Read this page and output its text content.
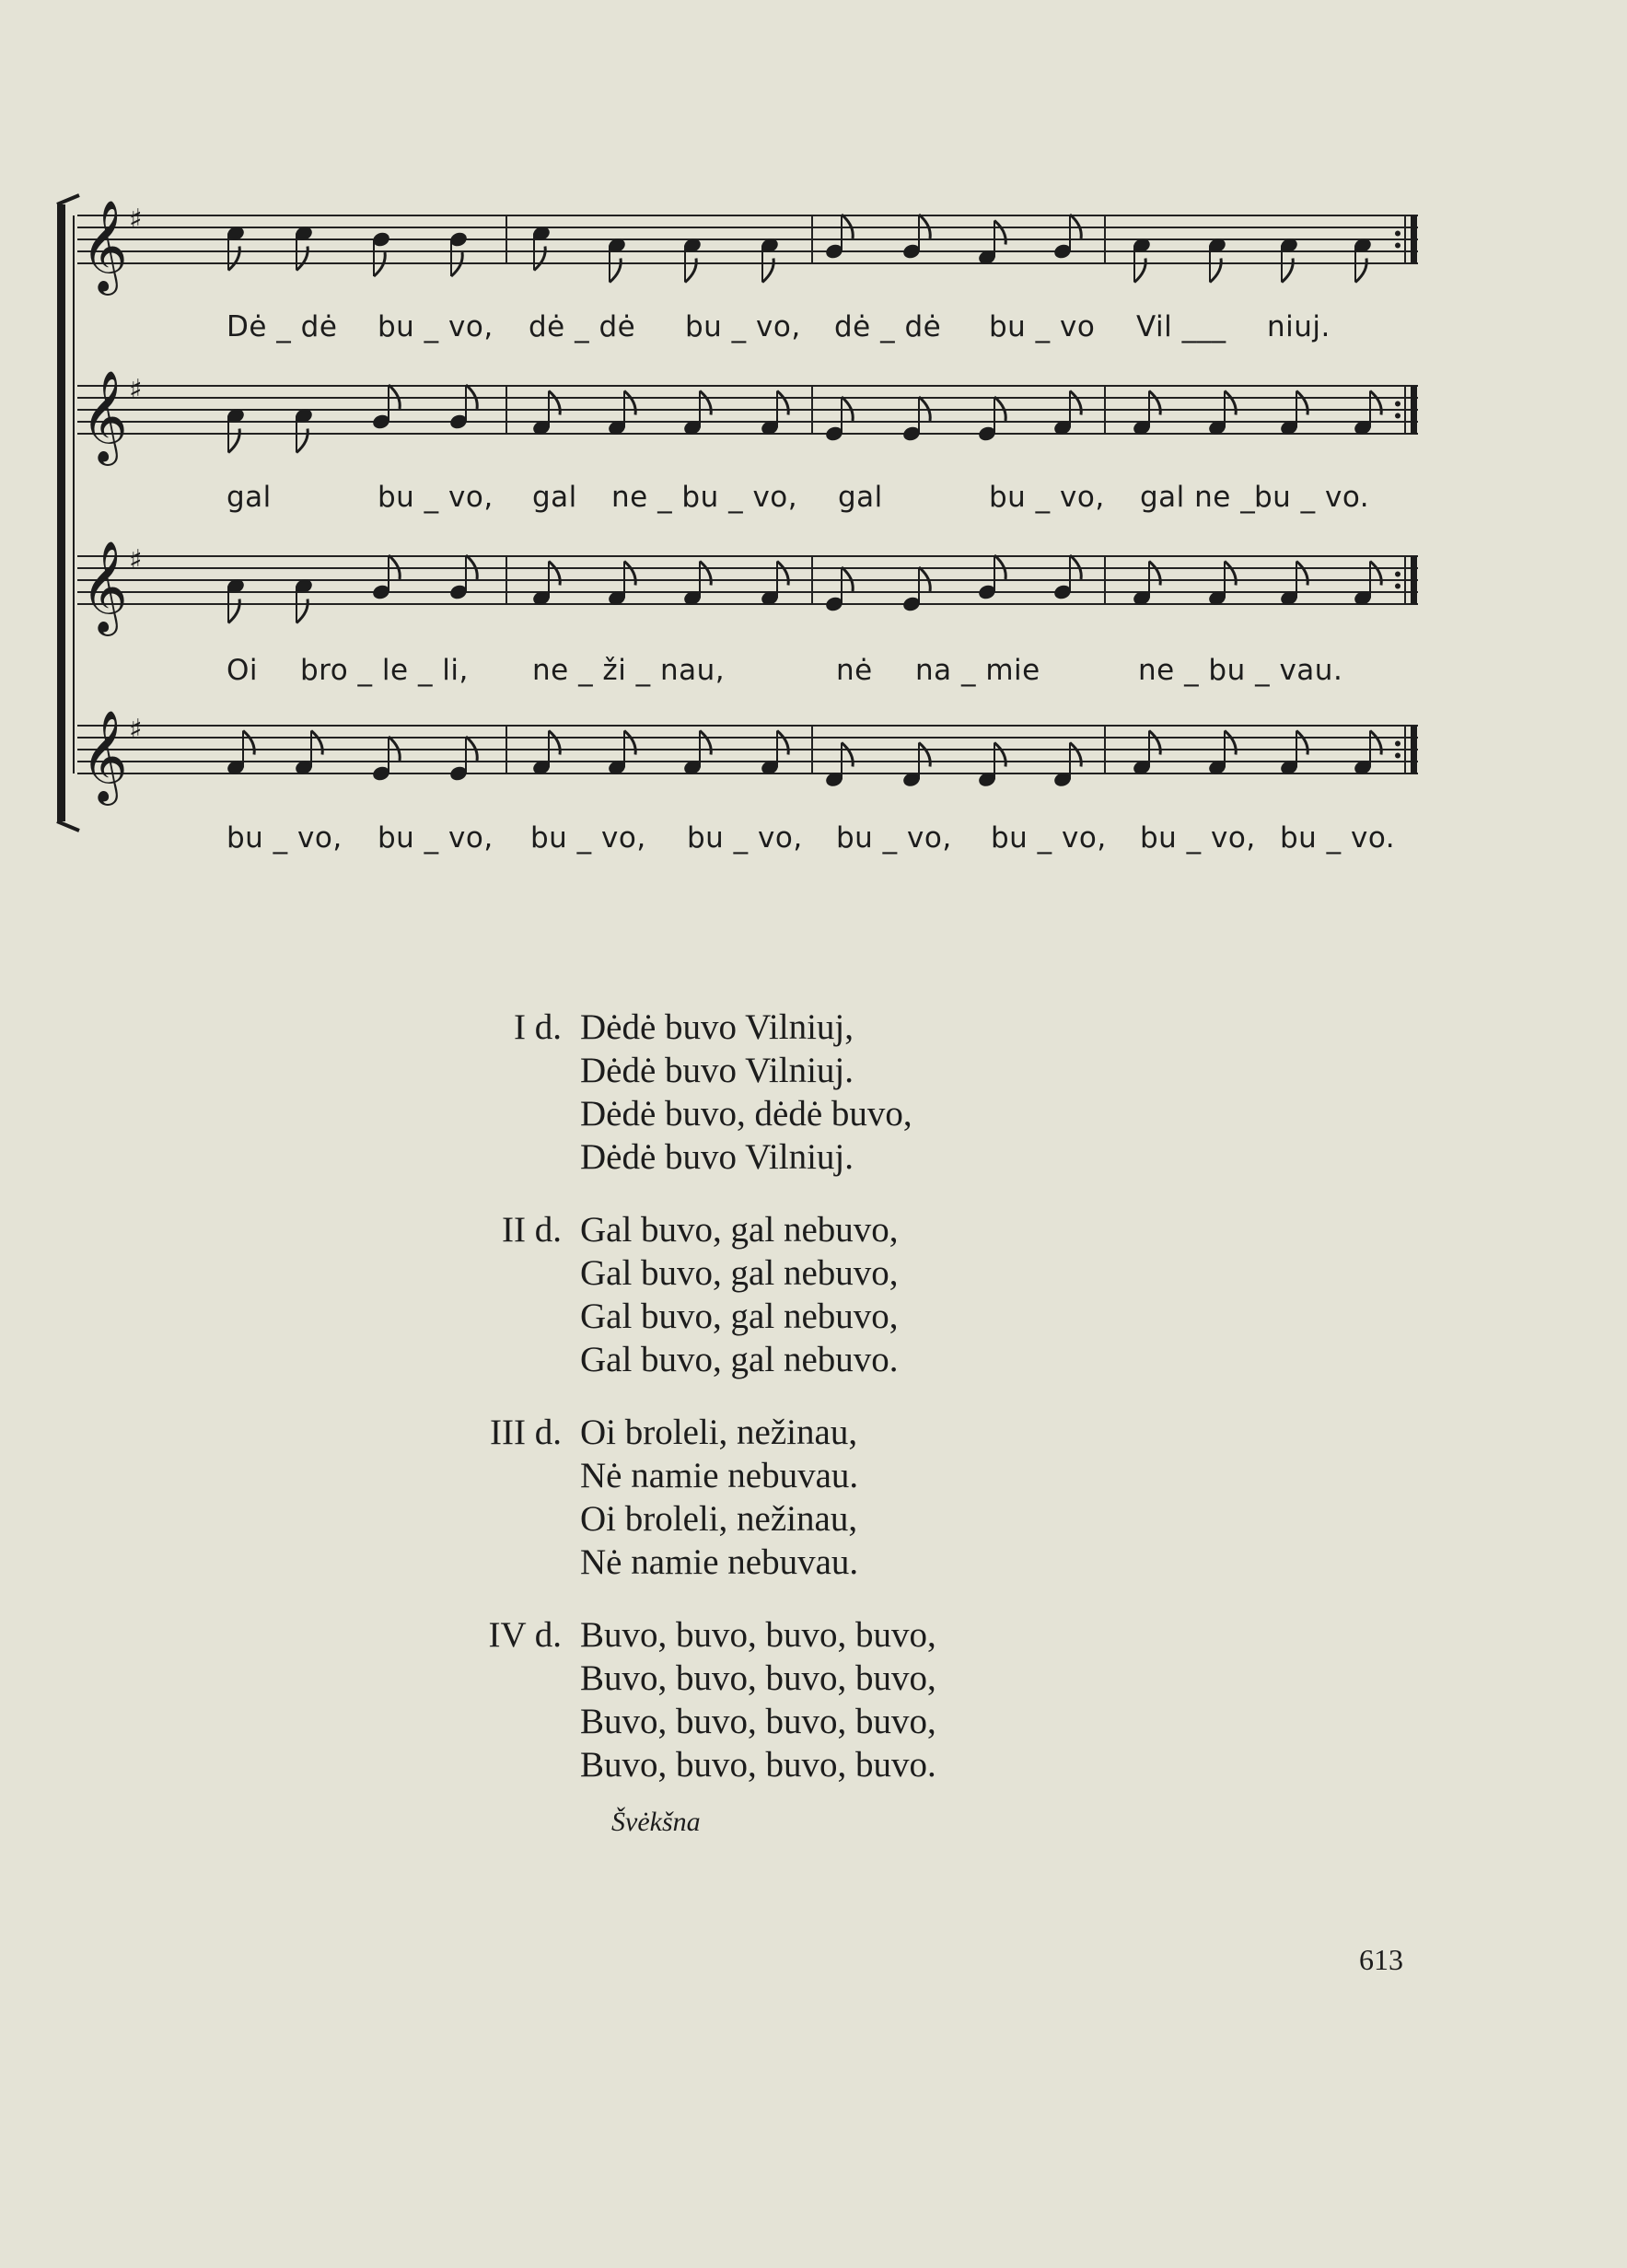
𝄞 ♯
𝄞 ♯
𝄞 ♯
𝄞 ♯
Dė _ dė bu _ vo, dė _ dė bu _ vo, dė _ dė bu _ vo Vil ___ niuj.
gal	bu _ vo, gal ne _ bu _ vo, gal	bu _ vo, gal ne _
bu _ vo.
Oi bro _ le _ li, ne _ ži _ nau,	nė na _ mie	ne _ bu _ vau.
bu _ vo, bu _ vo, bu _ vo, bu _ vo, bu _ vo, bu _ vo, bu _ vo, bu _ vo.
I d. Dėdė buvo Vilniuj,
Dėdė buvo Vilniuj.
Dėdė buvo, dėdė buvo,
Dėdė buvo Vilniuj.
II d. Gal buvo, gal nebuvo,
Gal buvo, gal nebuvo,
Gal buvo, gal nebuvo,
Gal buvo, gal nebuvo.
III d. Oi broleli, nežinau,
Nė namie nebuvau.
Oi broleli, nežinau,
Nė namie nebuvau.
IV d. Buvo, buvo, buvo, buvo,
Buvo, buvo, buvo, buvo,
Buvo, buvo, buvo, buvo,
Buvo, buvo, buvo, buvo.
Švėkšna
613
